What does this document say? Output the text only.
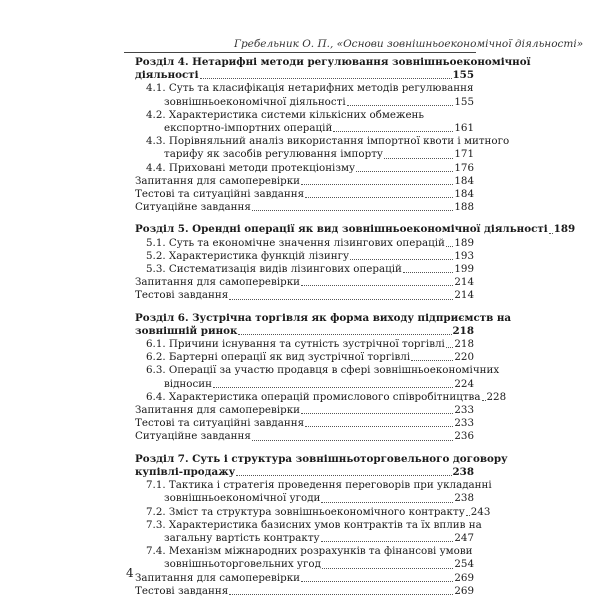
Гребельник О. П., «Основи зовнішньоекономічної діяльності»
Розділ 4. Нетарифні методи регулювання зовнішньоекономічної
діяльності	155
4.1. Суть та класифікація нетарифних методів регулювання
зовнішньоекономічної діяльності	155
4.2. Характеристика системи кількісних обмежень
експортно-імпортних операцій	161
4.3. Порівняльний аналіз використання імпортної квоти і митного
тарифу як засобів регулювання імпорту	171
4.4. Приховані методи протекціонізму	176
Запитання для самоперевірки	184
Тестові та ситуаційні завдання	184
Ситуаційне завдання	188
Розділ 5. Орендні операції як вид зовнішньоекономічної діяльності 189
5.1. Суть та економічне значення лізингових операцій 189
5.2. Характеристика функцій лізингу	193
5.3. Систематизація видів лізингових операцій	199
Запитання для самоперевірки	214
Тестові завдання	214
Розділ 6. Зустрічна торгівля як форма виходу підприємств на
зовнішній ринок	218
6.1. Причини існування та сутність зустрічної торгівлі 218
6.2. Бартерні операції як вид зустрічної торгівлі	220
6.3. Операції за участю продавця в сфері зовнішньоекономічних
відносин	224
6.4. Характеристика операцій промислового співробітництва 228
Запитання для самоперевірки	233
Тестові та ситуаційні завдання	233
Ситуаційне завдання	236
Розділ 7. Суть і структура зовнішньоторговельного договору
купівлі-продажу	238
7.1. Тактика і стратегія проведення переговорів при укладанні
зовнішньоекономічної угоди	238
7.2. Зміст та структура зовнішньоекономічного контракту 243
7.3. Характеристика базисних умов контрактів та їх вплив на
загальну вартість контракту	247
7.4. Механізм міжнародних розрахунків та фінансові умови
зовнішньоторговельних угод	254
Запитання для самоперевірки	269
Тестові завдання	269
4
